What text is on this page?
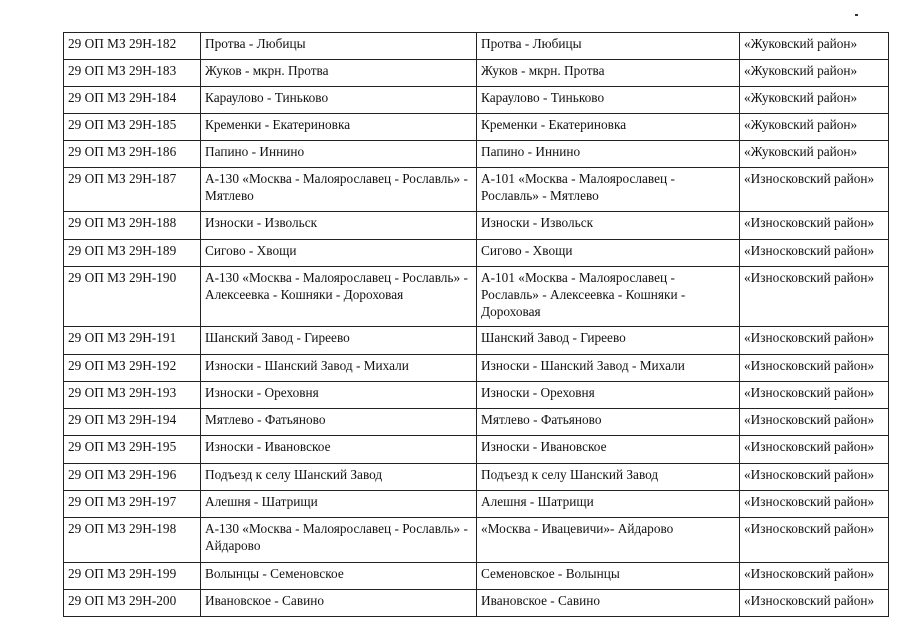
29 ОП МЗ 29Н-182	Протва - Любицы	Протва - Любицы	«Жуковский район»
29 ОП МЗ 29Н-183	Жуков - мкрн. Протва	Жуков - мкрн. Протва	«Жуковский район»
29 ОП МЗ 29Н-184	Караулово - Тиньково	Караулово - Тиньково	«Жуковский район»
29 ОП МЗ 29Н-185	Кременки - Екатериновка	Кременки - Екатериновка	«Жуковский район»
29 ОП МЗ 29Н-186	Папино - Иннино	Папино - Иннино	«Жуковский район»
29 ОП МЗ 29Н-187	А-130 «Москва - Малоярославец - Рославль» - Мятлево	А-101 «Москва - Малоярославец - Рославль» - Мятлево	«Износковский район»
29 ОП МЗ 29Н-188	Износки - Извольск	Износки - Извольск	«Износковский район»
29 ОП МЗ 29Н-189	Сигово - Хвощи	Сигово - Хвощи	«Износковский район»
29 ОП МЗ 29Н-190	А-130 «Москва - Малоярославец - Рославль» - Алексеевка - Кошняки - Дороховая	А-101 «Москва - Малоярославец - Рославль» - Алексеевка - Кошняки - Дороховая	«Износковский район»
29 ОП МЗ 29Н-191	Шанский Завод - Гиреево	Шанский Завод - Гиреево	«Износковский район»
29 ОП МЗ 29Н-192	Износки - Шанский Завод - Михали	Износки - Шанский Завод - Михали	«Износковский район»
29 ОП МЗ 29Н-193	Износки - Ореховня	Износки - Ореховня	«Износковский район»
29 ОП МЗ 29Н-194	Мятлево - Фатьяново	Мятлево - Фатьяново	«Износковский район»
29 ОП МЗ 29Н-195	Износки - Ивановское	Износки - Ивановское	«Износковский район»
29 ОП МЗ 29Н-196	Подъезд к селу Шанский Завод	Подъезд к селу Шанский Завод	«Износковский район»
29 ОП МЗ 29Н-197	Алешня - Шатрищи	Алешня - Шатрищи	«Износковский район»
29 ОП МЗ 29Н-198	А-130 «Москва - Малоярославец - Рославль» - Айдарово	«Москва - Ивацевичи»- Айдарово	«Износковский район»
29 ОП МЗ 29Н-199	Волынцы - Семеновское	Семеновское - Волынцы	«Износковский район»
29 ОП МЗ 29Н-200	Ивановское - Савино	Ивановское - Савино	«Износковский район»
